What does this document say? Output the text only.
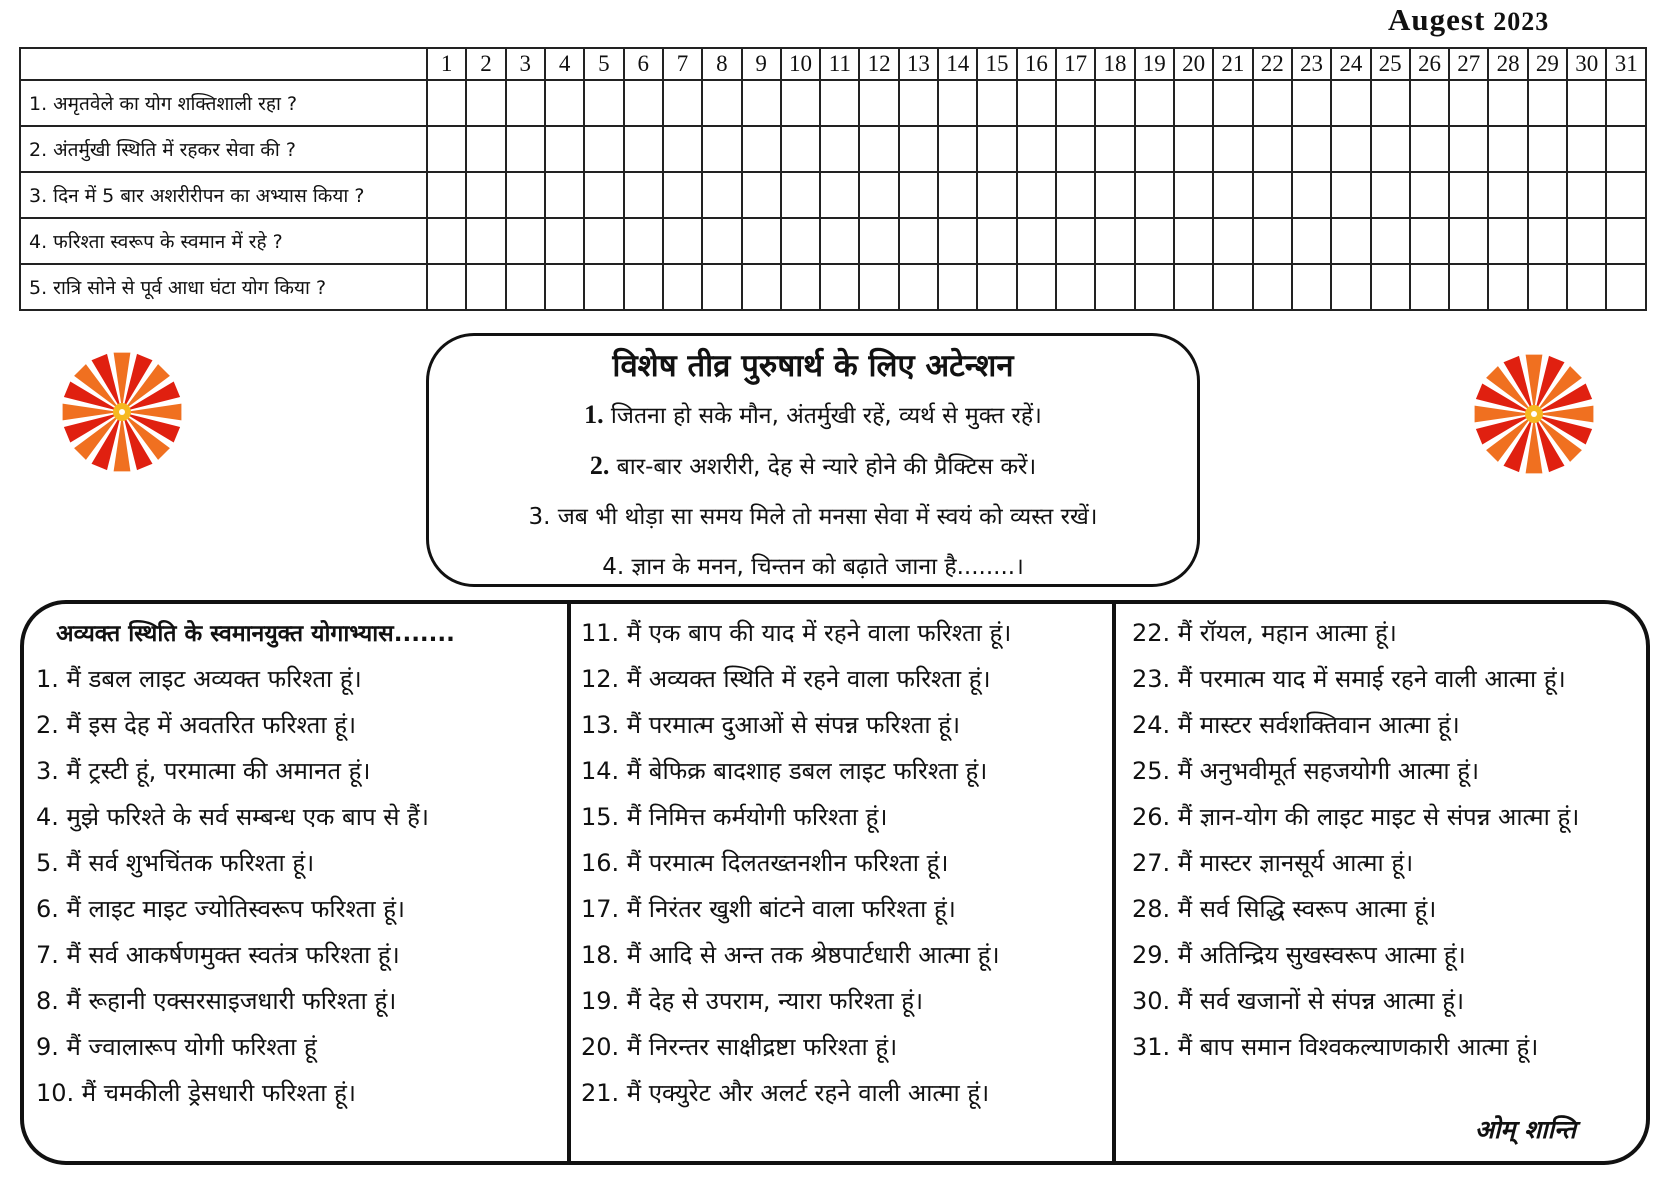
Augest 2023
	1	2	3	4	5	6	7	8	9	10	11	12	13	14	15	16	17	18	19	20	21	22	23	24	25	26	27	28	29	30	31
1. अमृतवेले का योग शक्तिशाली रहा ?																															
2. अंतर्मुखी स्थिति में रहकर सेवा की ?																															
3. दिन में 5 बार अशरीरीपन का अभ्यास किया ?																															
4. फरिश्ता स्वरूप के स्वमान में रहे ?																															
5. रात्रि सोने से पूर्व आधा घंटा योग किया ?																															
विशेष तीव्र पुरुषार्थ के लिए अटेन्शन
1. जितना हो सके मौन, अंतर्मुखी रहें, व्यर्थ से मुक्त रहें।
2. बार-बार अशरीरी, देह से न्यारे होने की प्रैक्टिस करें।
3. जब भी थोड़ा सा समय मिले तो मनसा सेवा में स्वयं को व्यस्त रखें।
4. ज्ञान के मनन, चिन्तन को बढ़ाते जाना है........।
अव्यक्त स्थिति के स्वमानयुक्त योगाभ्यास.......
1. मैं डबल लाइट अव्यक्त फरिश्ता हूं।
2. मैं इस देह में अवतरित फरिश्ता हूं।
3. मैं ट्रस्टी हूं, परमात्मा की अमानत हूं।
4. मुझे फरिश्ते के सर्व सम्बन्ध एक बाप से हैं।
5. मैं सर्व शुभचिंतक फरिश्ता हूं।
6. मैं लाइट माइट ज्योतिस्वरूप फरिश्ता हूं।
7. मैं सर्व आकर्षणमुक्त स्वतंत्र फरिश्ता हूं।
8. मैं रूहानी एक्सरसाइजधारी फरिश्ता हूं।
9. मैं ज्वालारूप योगी फरिश्ता हूं
10. मैं चमकीली ड्रेसधारी फरिश्ता हूं।
11. मैं एक बाप की याद में रहने वाला फरिश्ता हूं।
12. मैं अव्यक्त स्थिति में रहने वाला फरिश्ता हूं।
13. मैं परमात्म दुआओं से संपन्न फरिश्ता हूं।
14. मैं बेफिक्र बादशाह डबल लाइट फरिश्ता हूं।
15. मैं निमित्त कर्मयोगी फरिश्ता हूं।
16. मैं परमात्म दिलतख्तनशीन फरिश्ता हूं।
17. मैं निरंतर खुशी बांटने वाला फरिश्ता हूं।
18. मैं आदि से अन्त तक श्रेष्ठपार्टधारी आत्मा हूं।
19. मैं देह से उपराम, न्यारा फरिश्ता हूं।
20. मैं निरन्तर साक्षीद्रष्टा फरिश्ता हूं।
21. मैं एक्युरेट और अलर्ट रहने वाली आत्मा हूं।
ओम् शान्ति
22. मैं रॉयल, महान आत्मा हूं।
23. मैं परमात्म याद में समाई रहने वाली आत्मा हूं।
24. मैं मास्टर सर्वशक्तिवान आत्मा हूं।
25. मैं अनुभवीमूर्त सहजयोगी आत्मा हूं।
26. मैं ज्ञान-योग की लाइट माइट से संपन्न आत्मा हूं।
27. मैं मास्टर ज्ञानसूर्य आत्मा हूं।
28. मैं सर्व सिद्धि स्वरूप आत्मा हूं।
29. मैं अतिन्द्रिय सुखस्वरूप आत्मा हूं।
30. मैं सर्व खजानों से संपन्न आत्मा हूं।
31. मैं बाप समान विश्वकल्याणकारी आत्मा हूं।
